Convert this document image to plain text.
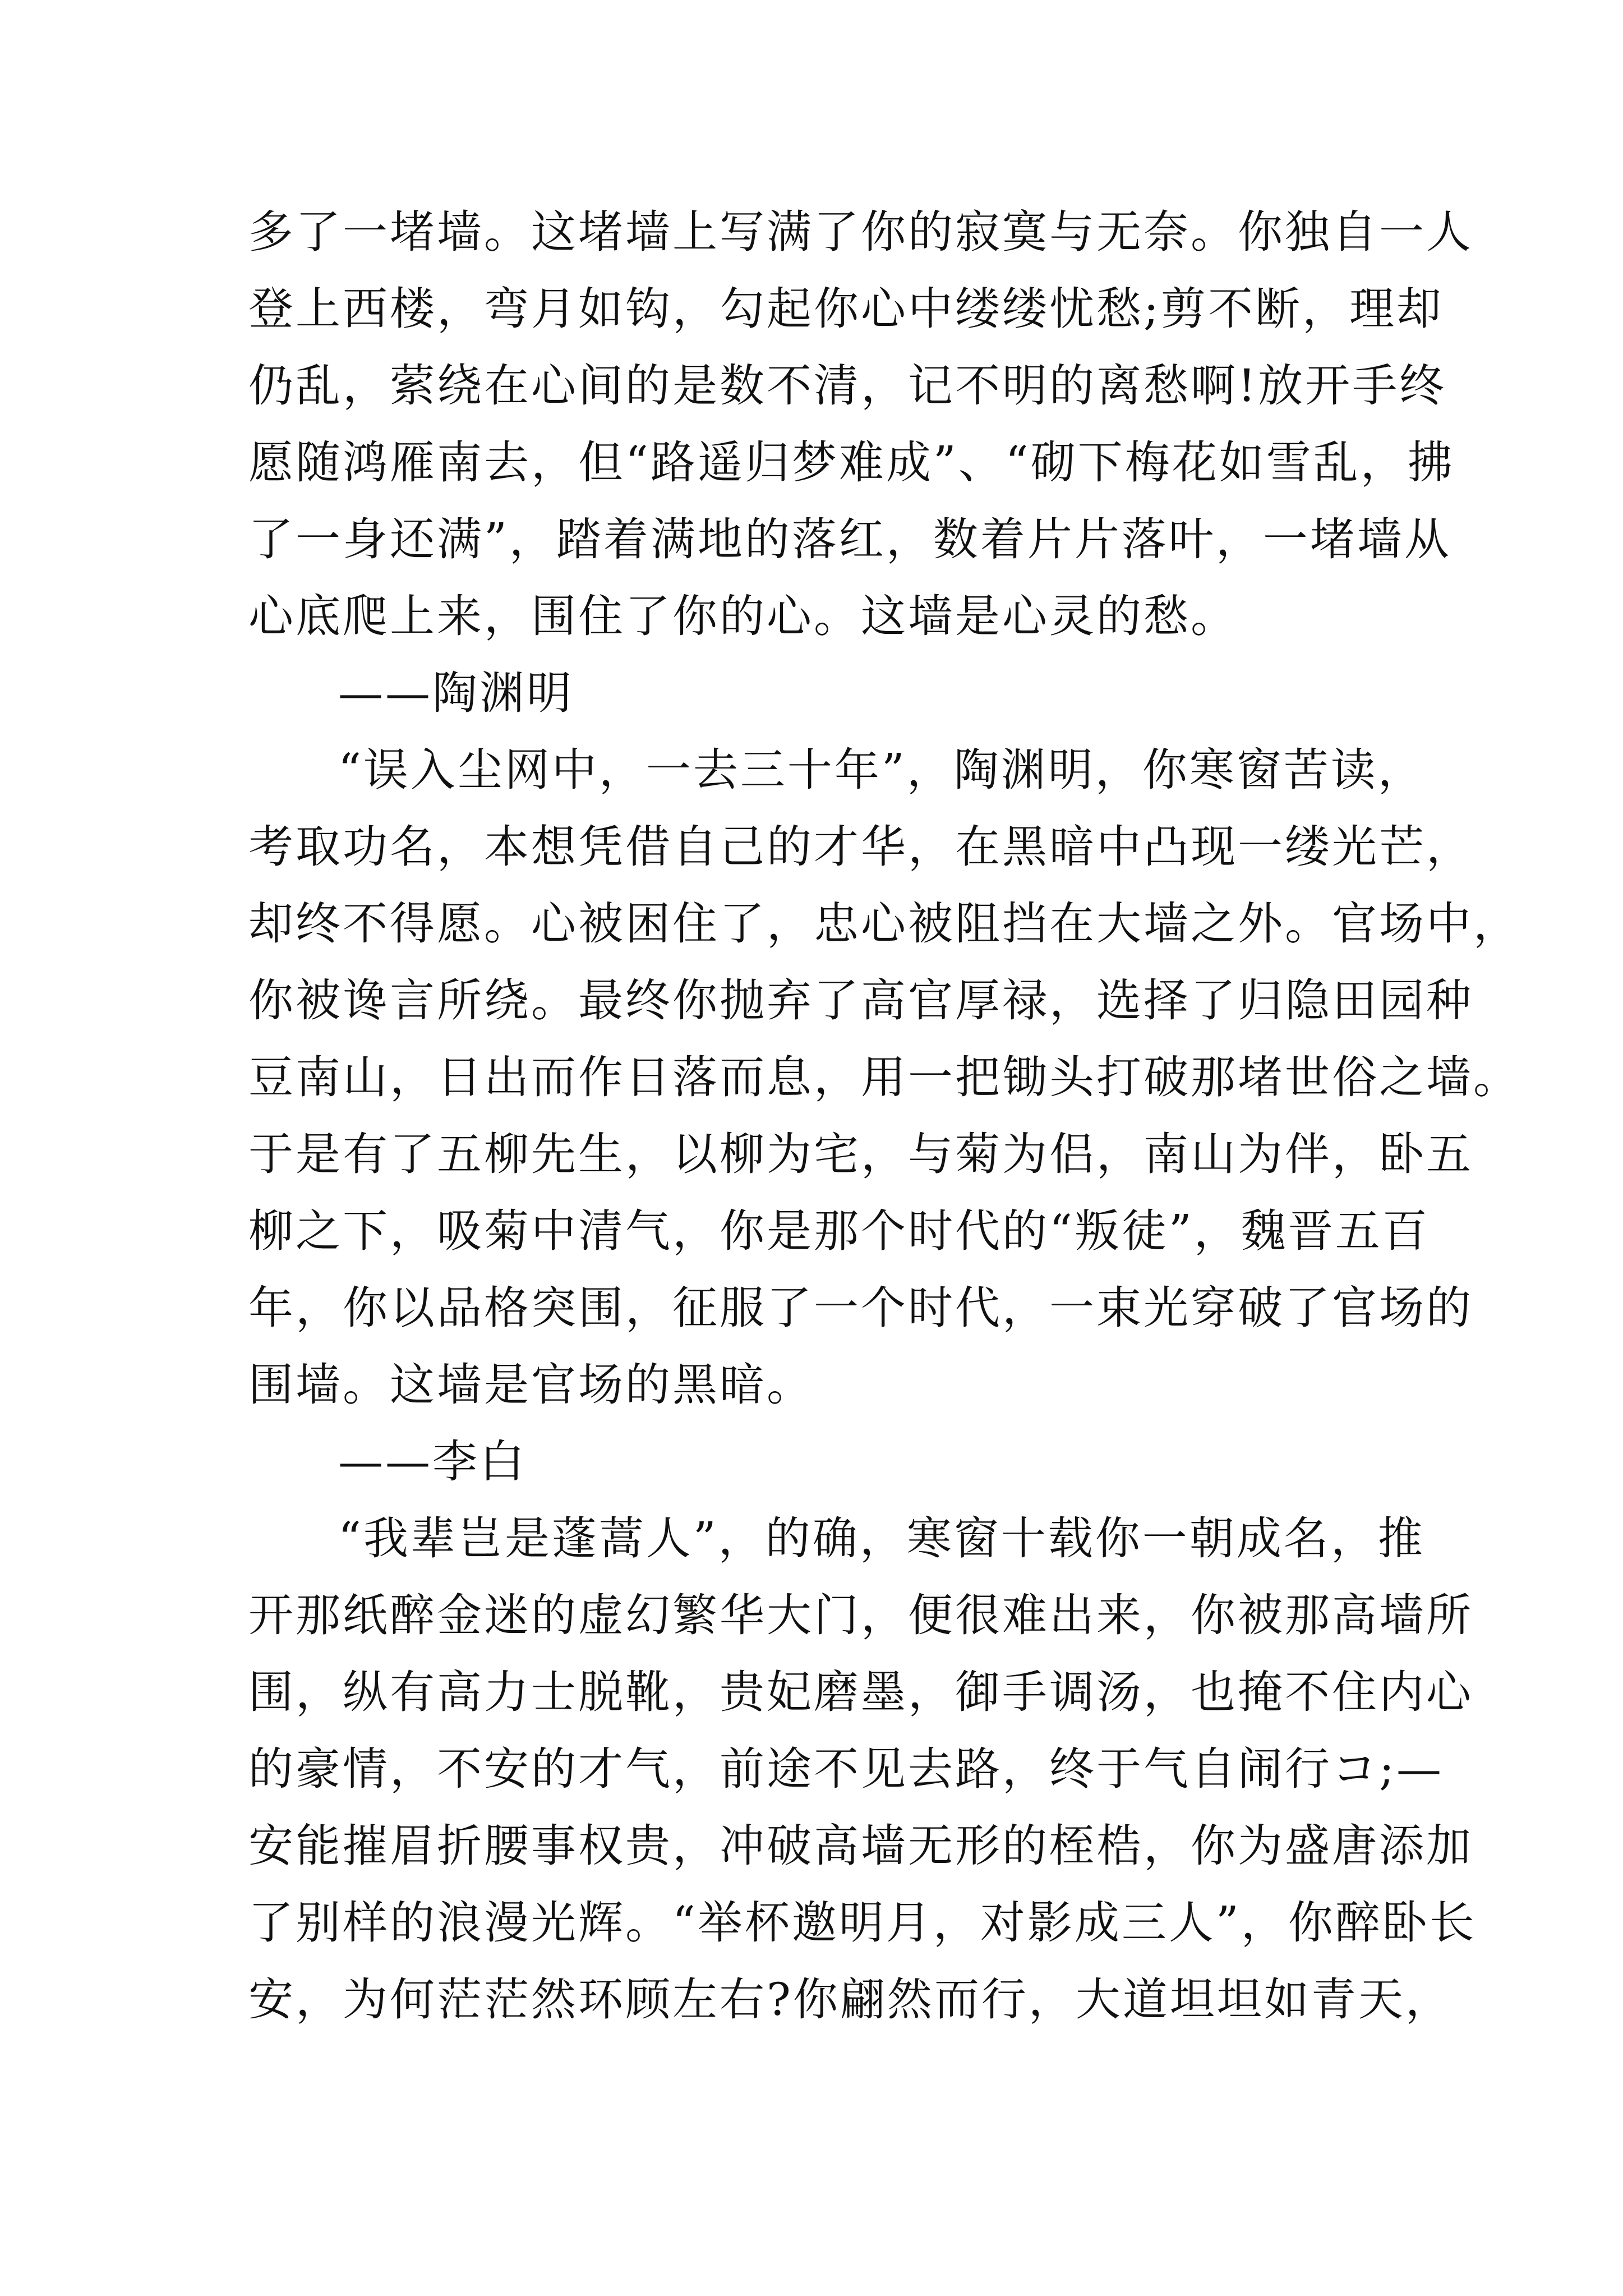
多了一堵墙。这堵墙上写满了你的寂寞与无奈。你独自一人
登上西楼，弯月如钩，勾起你心中缕缕忧愁;剪不断，理却
仍乱，萦绕在心间的是数不清，记不明的离愁啊!放开手终
愿随鸿雁南去，但“路遥归梦难成”、“砌下梅花如雪乱，拂
了一身还满”，踏着满地的落红，数着片片落叶，一堵墙从
心底爬上来，围住了你的心。这墙是心灵的愁。
——陶渊明
“误入尘网中，一去三十年”，陶渊明，你寒窗苦读，
考取功名，本想凭借自己的才华，在黑暗中凸现一缕光芒，
却终不得愿。心被困住了，忠心被阻挡在大墙之外。官场中，
你被谗言所绕。最终你抛弃了高官厚禄，选择了归隐田园种
豆南山，日出而作日落而息，用一把锄头打破那堵世俗之墙。
于是有了五柳先生，以柳为宅，与菊为侣，南山为伴，卧五
柳之下，吸菊中清气，你是那个时代的“叛徒”，魏晋五百
年，你以品格突围，征服了一个时代，一束光穿破了官场的
围墙。这墙是官场的黑暗。
——李白
“我辈岂是蓬蒿人”，的确，寒窗十载你一朝成名，推
开那纸醉金迷的虚幻繁华大门，便很难出来，你被那高墙所
围，纵有高力士脱靴，贵妃磨墨，御手调汤，也掩不住内心
的豪情，不安的才气，前途不见去路，终于气自闹行コ;—
安能摧眉折腰事权贵，冲破高墙无形的桎梏，你为盛唐添加
了别样的浪漫光辉。“举杯邀明月，对影成三人”，你醉卧长
安，为何茫茫然环顾左右?你翩然而行，大道坦坦如青天，
